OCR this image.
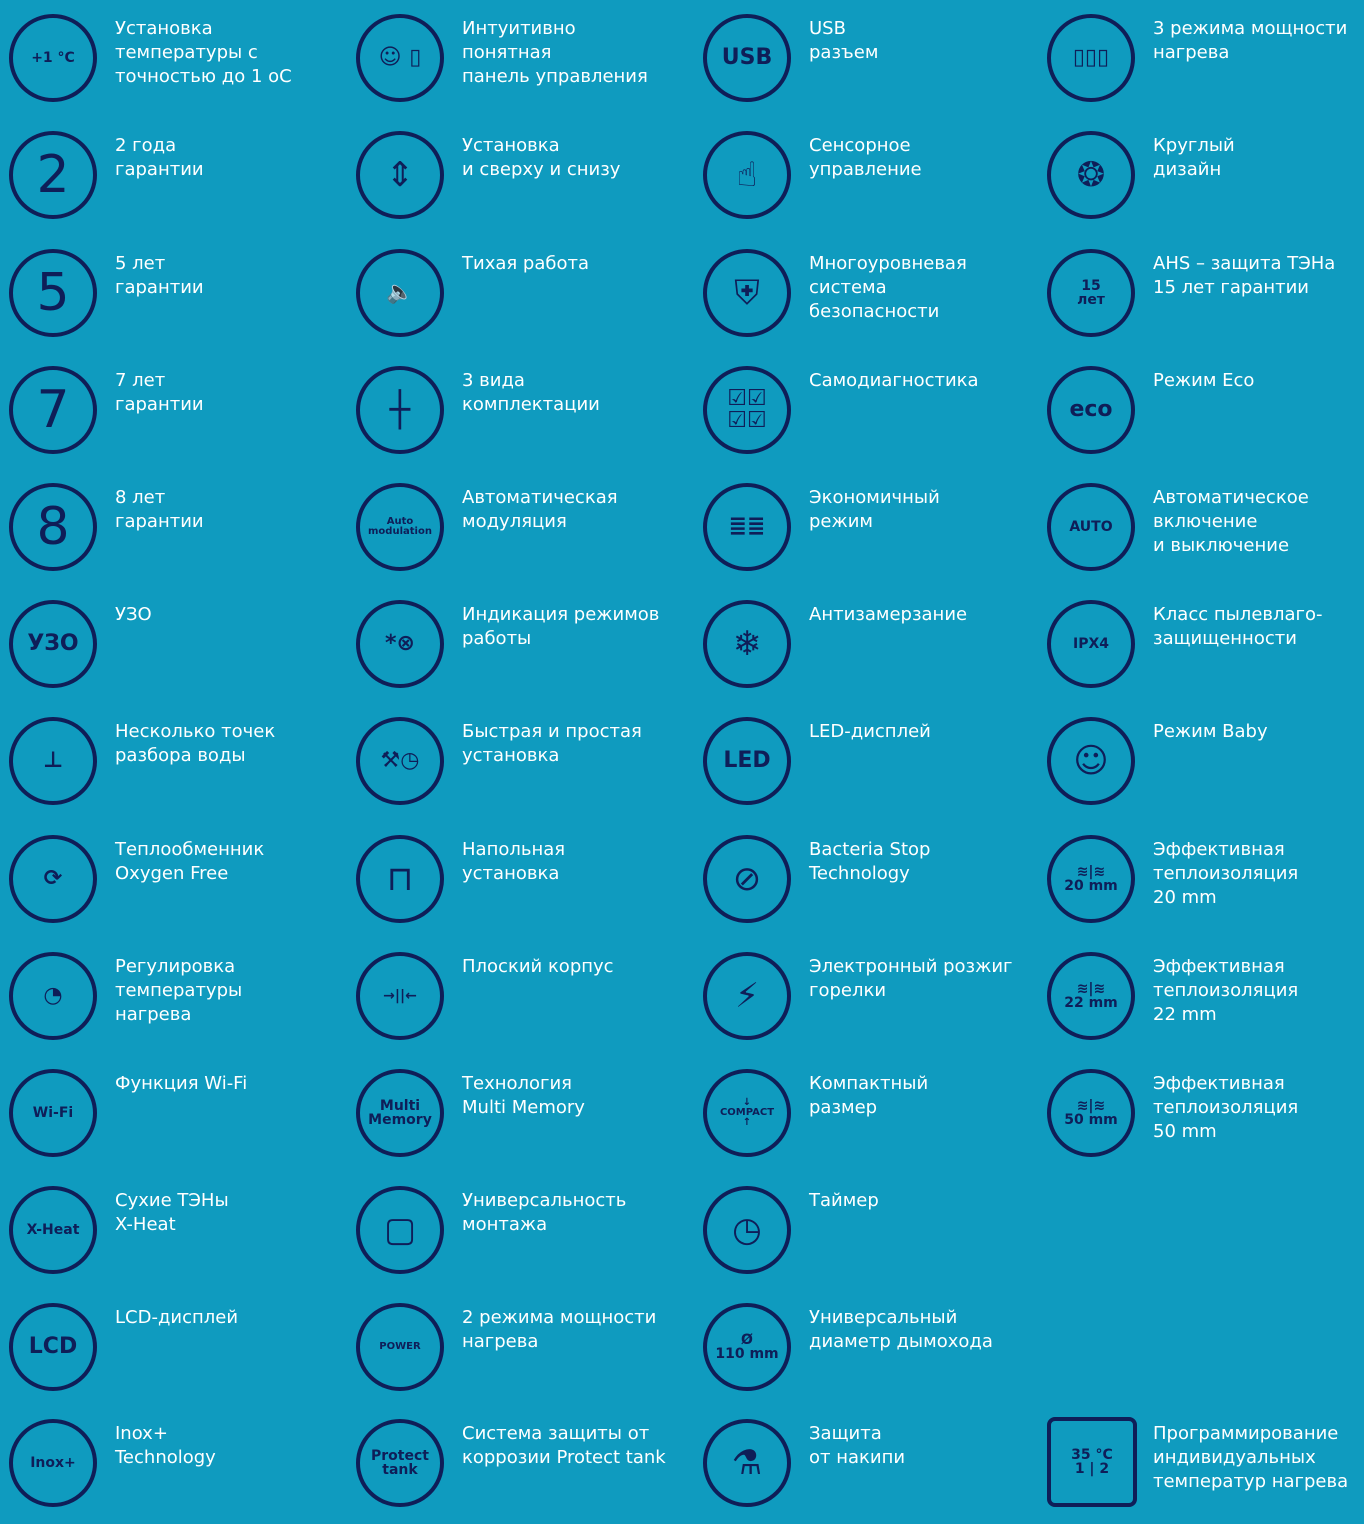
+1 °C
Установка
температуры с
точностью до 1 оС
2	2 года
гарантии
5	5 лет
гарантии
7	7 лет
гарантии
8	8 лет
гарантии
УЗО
УЗО
⊥
Несколько точек
разбора воды
⟳
Теплообменник
Oxygen Free
◔
Регулировка
температуры
нагрева
Wi-Fi
Функция Wi-Fi
X-Heat
Сухие ТЭНы
X-Heat
LCD
LCD-дисплей
Inox+
Inox+
Technology
☺ ▯
Интуитивно
понятная
панель управления
⇕
Установка
и сверху и снизу
🔈
Тихая работа
┼
3 вида
комплектации
Auto
modulation
Автоматическая
модуляция
*⊗
Индикация режимов
работы
⚒◷
Быстрая и простая
установка
⊓
Напольная
установка
→||←
Плоский корпус
Multi
Memory
Технология
Multi Memory
▢
Универсальность
монтажа
POWER
2 режима мощности
нагрева
Protect
tank
Система защиты от
коррозии Protect tank
USB
USB
разъем
☝
Сенсорное
управление
⛨
Многоуровневая
система
безопасности
☑☑
☑☑
Самодиагностика
≣≣
Экономичный
режим
❄
Антизамерзание
LED
LED-дисплей
⊘
Bacteria Stop
Technology
⚡
Электронный розжиг
горелки
↓
COMPACT
↑
Компактный
размер
◷
Таймер
Ø
110 mm
Универсальный
диаметр дымохода
⚗
Защита
от накипи
▯▯▯
3 режима мощности
нагрева
❂
Круглый
дизайн
15
лет
AHS – защита ТЭНа
15 лет гарантии
eco
Режим Eco
AUTO
Автоматическое
включение
и выключение
IPX4
Класс пылевлаго-
защищенности
☺
Режим Baby
≋|≋
20 mm
Эффективная
теплоизоляция
20 mm
≋|≋
22 mm
Эффективная
теплоизоляция
22 mm
≋|≋
50 mm
Эффективная
теплоизоляция
50 mm
35 °C
1 | 2
Программирование
индивидуальных
температур нагрева
